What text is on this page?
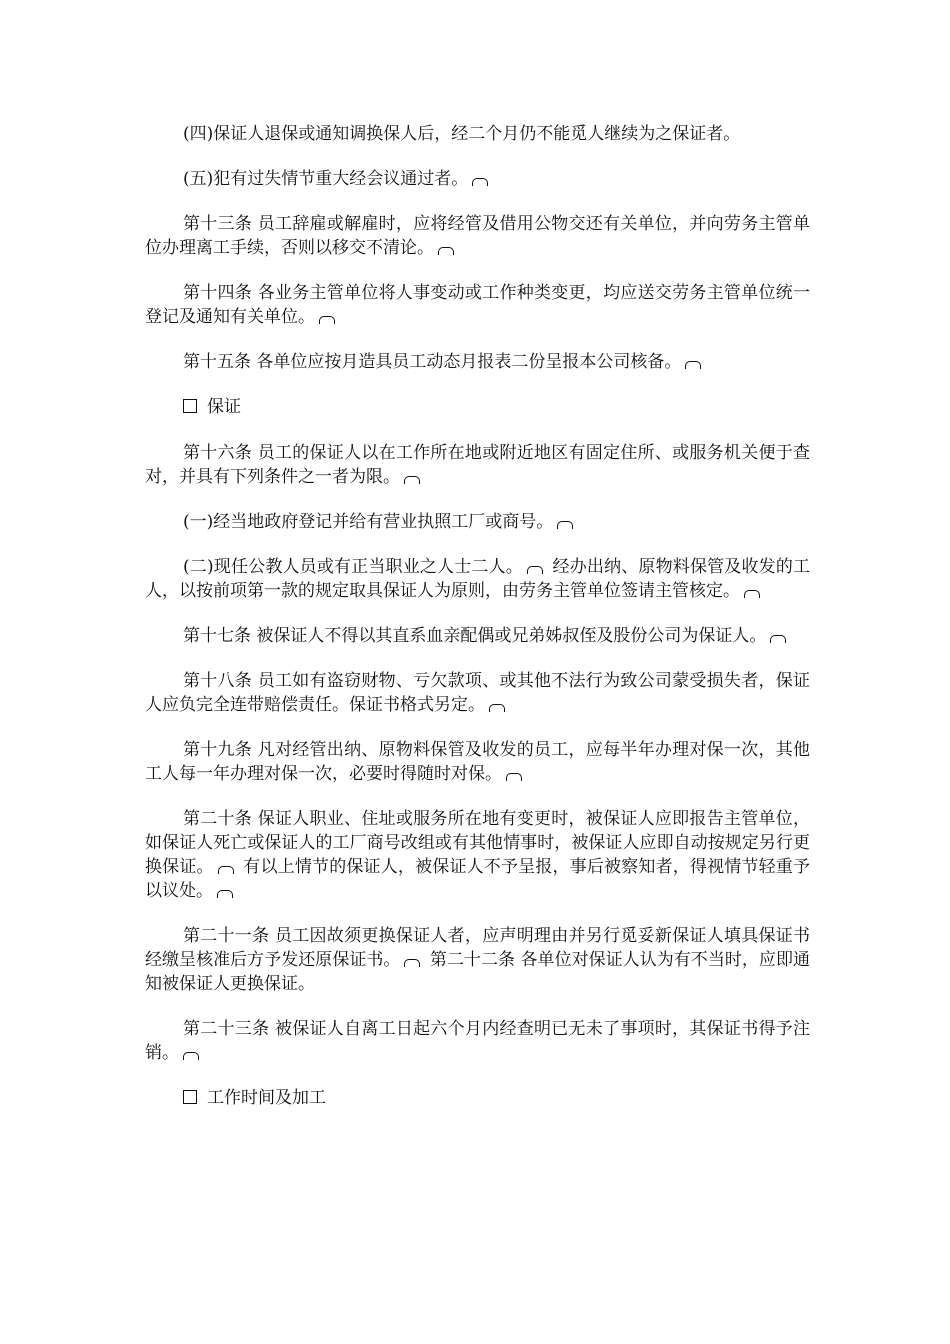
(四)保证人退保或通知调换保人后，经二个月仍不能觅人继续为之保证者。

(五)犯有过失情节重大经会议通过者。

第十三条 员工辞雇或解雇时，应将经管及借用公物交还有关单位，并向劳务主管单位办理离工手续，否则以移交不清论。

第十四条 各业务主管单位将人事变动或工作种类变更，均应送交劳务主管单位统一登记及通知有关单位。

第十五条 各单位应按月造具员工动态月报表二份呈报本公司核备。

保证

第十六条 员工的保证人以在工作所在地或附近地区有固定住所、或服务机关便于查对，并具有下列条件之一者为限。

(一)经当地政府登记并给有营业执照工厂或商号。

(二)现任公教人员或有正当职业之人士二人。 经办出纳、原物料保管及收发的工人，以按前项第一款的规定取具保证人为原则，由劳务主管单位签请主管核定。

第十七条 被保证人不得以其直系血亲配偶或兄弟姊叔侄及股份公司为保证人。

第十八条 员工如有盗窃财物、亏欠款项、或其他不法行为致公司蒙受损失者，保证人应负完全连带赔偿责任。保证书格式另定。

第十九条 凡对经管出纳、原物料保管及收发的员工，应每半年办理对保一次，其他工人每一年办理对保一次，必要时得随时对保。

第二十条 保证人职业、住址或服务所在地有变更时，被保证人应即报告主管单位，如保证人死亡或保证人的工厂商号改组或有其他情事时，被保证人应即自动按规定另行更换保证。 有以上情节的保证人，被保证人不予呈报，事后被察知者，得视情节轻重予以议处。

第二十一条 员工因故须更换保证人者，应声明理由并另行觅妥新保证人填具保证书经缴呈核准后方予发还原保证书。 第二十二条 各单位对保证人认为有不当时，应即通知被保证人更换保证。

第二十三条 被保证人自离工日起六个月内经查明已无未了事项时，其保证书得予注销。

工作时间及加工
